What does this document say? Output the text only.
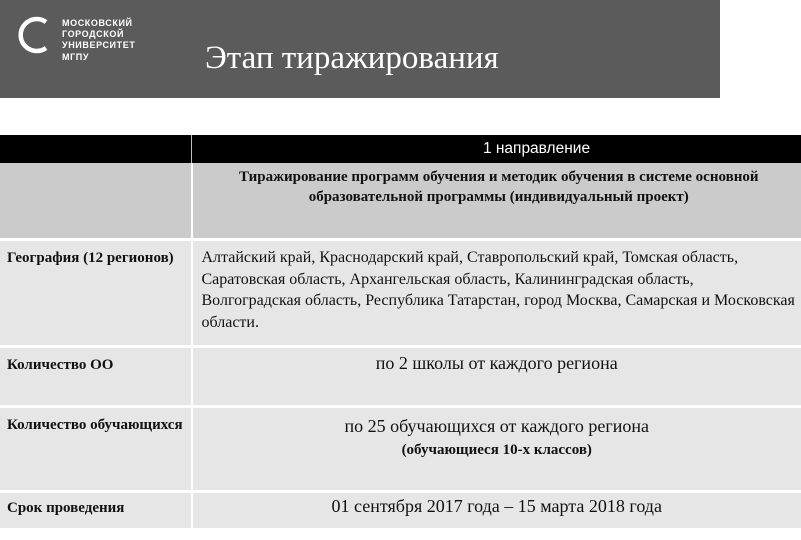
МОСКОВСКИЙ
ГОРОДСКОЙ
УНИВЕРСИТЕТ
МГПУ	Этап тиражирования
	1 направление
	Тиражирование программ обучения и методик обучения в системе основной образовательной программы (индивидуальный проект)
География (12 регионов)	Алтайский край, Краснодарский край, Ставропольский край, Томская область, Саратовская область, Архангельская область, Калининградская область, Волгоградская область, Республика Татарстан, город Москва, Самарская и Московская области.
Количество ОО	по 2 школы от каждого региона

Количество обучающихся	по 25 обучающихся от каждого региона
(обучающиеся 10-х классов)

Срок проведения	01 сентября 2017 года – 15 марта 2018 года
